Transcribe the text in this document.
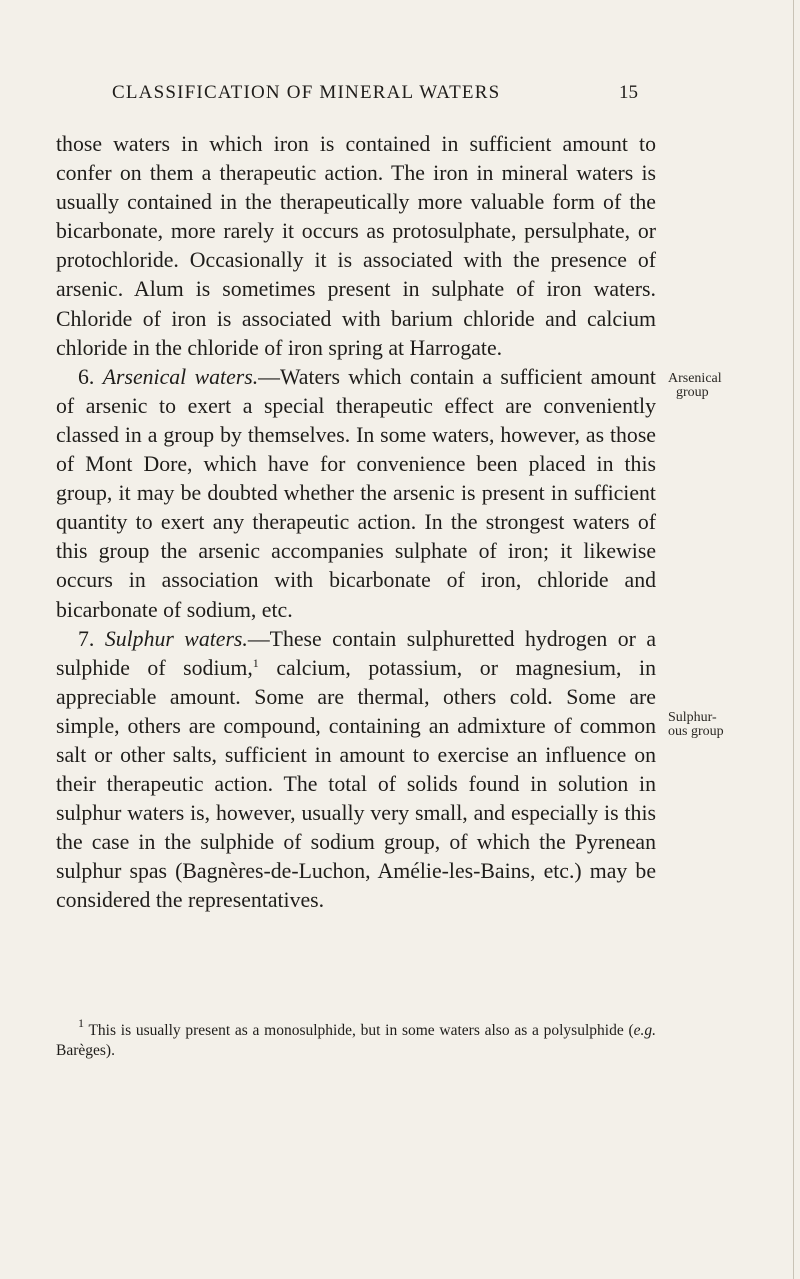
CLASSIFICATION OF MINERAL WATERS	15

those waters in which iron is contained in sufficient amount to confer on them a therapeutic action. The iron in mineral waters is usually contained in the therapeutically more valuable form of the bicarbonate, more rarely it occurs as protosulphate, persulphate, or protochloride. Occasionally it is associated with the presence of arsenic. Alum is sometimes present in sulphate of iron waters. Chloride of iron is associated with barium chloride and calcium chloride in the chloride of iron spring at Harrogate.

6. Arsenical waters.—Waters which contain a sufficient amount of arsenic to exert a special therapeutic effect are conveniently classed in a group by themselves. In some waters, however, as those of Mont Dore, which have for convenience been placed in this group, it may be doubted whether the arsenic is present in sufficient quantity to exert any therapeutic action. In the strongest waters of this group the arsenic accompanies sulphate of iron; it likewise occurs in association with bicarbonate of iron, chloride and bicarbonate of sodium, etc.

7. Sulphur waters.—These contain sulphuretted hydrogen or a sulphide of sodium,$^1$ calcium, potassium, or magnesium, in appreciable amount. Some are thermal, others cold. Some are simple, others are compound, containing an admixture of common salt or other salts, sufficient in amount to exercise an influence on their therapeutic action. The total of solids found in solution in sulphur waters is, however, usually very small, and especially is this the case in the sulphide of sodium group, of which the Pyrenean sulphur spas (Bagnères-de-Luchon, Amélie-les-Bains, etc.) may be considered the representatives.

Arsenical
group
Sulphur-
ous group

$^1$ This is usually present as a monosulphide, but in some waters also as a polysulphide (e.g. Barèges).
